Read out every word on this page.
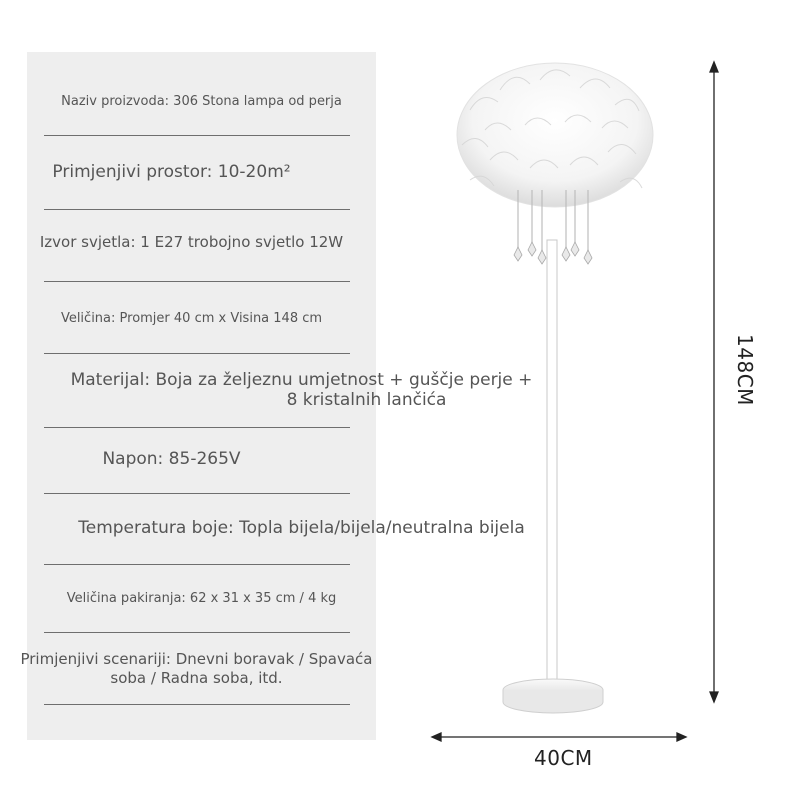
Naziv proizvoda: 306 Stona lampa od perja
Primjenjivi prostor: 10-20m²
Izvor svjetla: 1 E27 trobojno svjetlo 12W
Veličina: Promjer 40 cm x Visina 148 cm
Materijal: Boja za željeznu umjetnost + guščje perje +
8 kristalnih lančića
Napon: 85-265V
Temperatura boje: Topla bijela/bijela/neutralna bijela
Veličina pakiranja: 62 x 31 x 35 cm / 4 kg
Primjenjivi scenariji: Dnevni boravak / Spavaća
soba / Radna soba, itd.
40CM
148CM
